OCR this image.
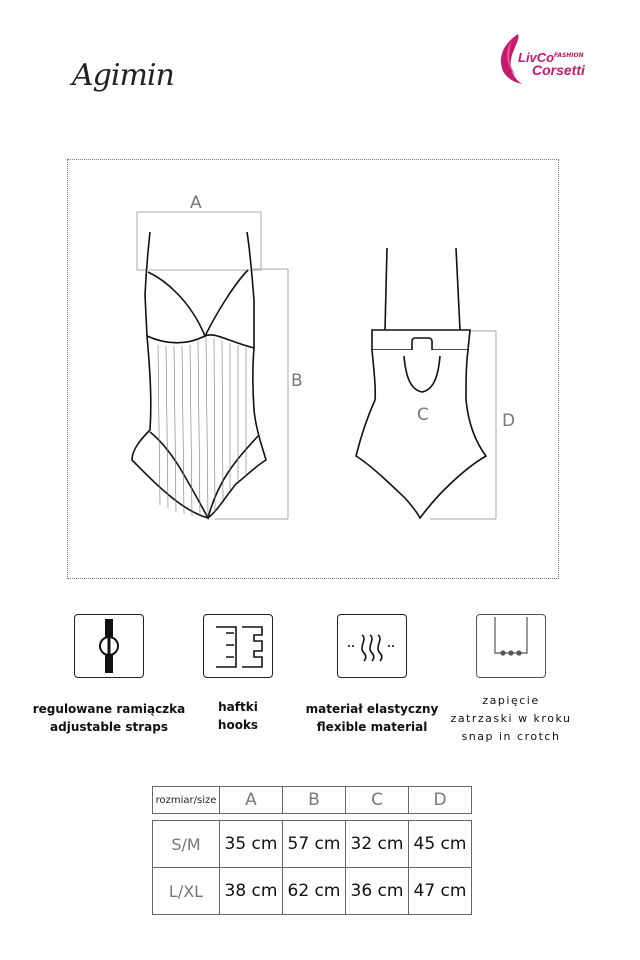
Agimin
LivCo FASHION
Corsetti
A
B
C	D
regulowane ramiączka
adjustable straps
haftki
hooks
materiał elastyczny
flexible material
zapięcie
zatrzaski w kroku
snap in crotch
rozmiar/size	A	B	C	D

S/M	35 cm	57 cm	32 cm	45 cm
L/XL	38 cm	62 cm	36 cm	47 cm
